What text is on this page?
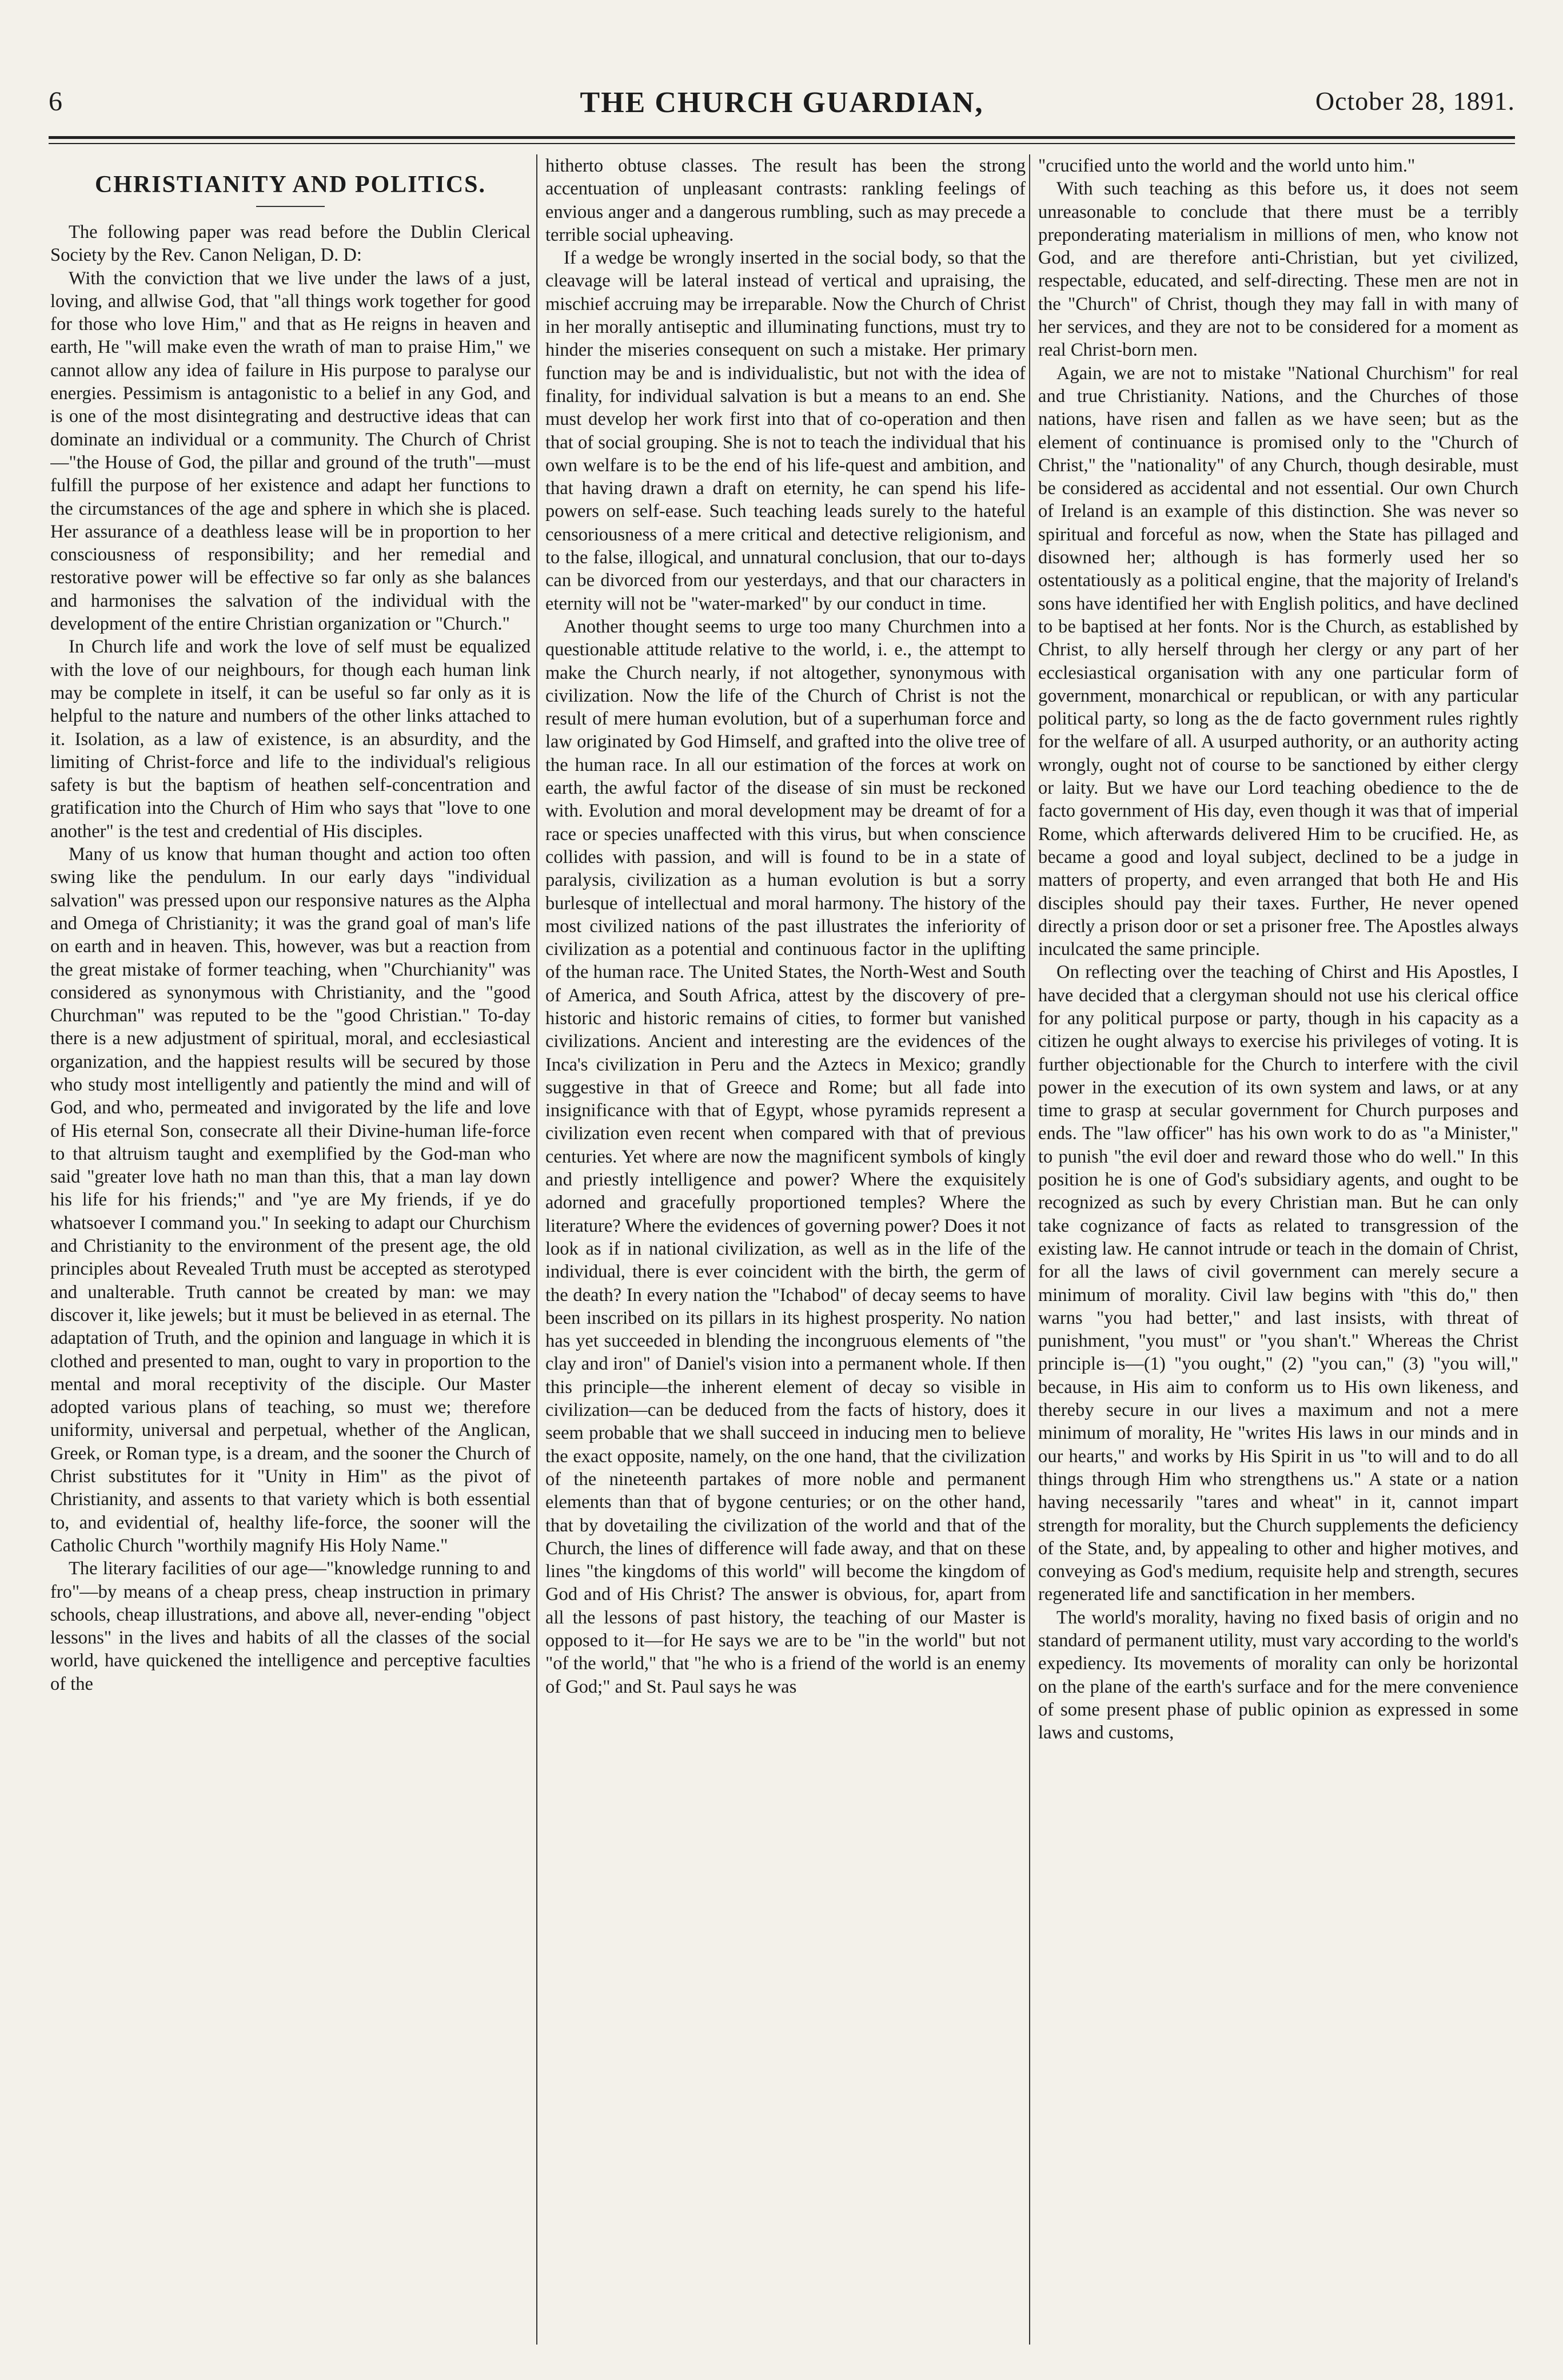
6	THE CHURCH GUARDIAN,	October 28, 1891.
CHRISTIANITY AND POLITICS.

The following paper was read before the Dublin Clerical Society by the Rev. Canon Neligan, D. D:

With the conviction that we live under the laws of a just, loving, and allwise God, that "all things work together for good for those who love Him," and that as He reigns in heaven and earth, He "will make even the wrath of man to praise Him," we cannot allow any idea of failure in His purpose to paralyse our energies. Pessimism is antagonistic to a belief in any God, and is one of the most disintegrating and destructive ideas that can dominate an individual or a community. The Church of Christ—"the House of God, the pillar and ground of the truth"—must fulfill the purpose of her existence and adapt her functions to the circumstances of the age and sphere in which she is placed. Her assurance of a deathless lease will be in proportion to her consciousness of responsibility; and her remedial and restorative power will be effective so far only as she balances and harmonises the salvation of the individual with the development of the entire Christian organization or "Church."

In Church life and work the love of self must be equalized with the love of our neighbours, for though each human link may be complete in itself, it can be useful so far only as it is helpful to the nature and numbers of the other links attached to it. Isolation, as a law of existence, is an absurdity, and the limiting of Christ-force and life to the individual's religious safety is but the baptism of heathen self-concentration and gratification into the Church of Him who says that "love to one another" is the test and credential of His disciples.

Many of us know that human thought and action too often swing like the pendulum. In our early days "individual salvation" was pressed upon our responsive natures as the Alpha and Omega of Christianity; it was the grand goal of man's life on earth and in heaven. This, however, was but a reaction from the great mistake of former teaching, when "Churchianity" was considered as synonymous with Christianity, and the "good Churchman" was reputed to be the "good Christian." To-day there is a new adjustment of spiritual, moral, and ecclesiastical organization, and the happiest results will be secured by those who study most intelligently and patiently the mind and will of God, and who, permeated and invigorated by the life and love of His eternal Son, consecrate all their Divine-human life-force to that altruism taught and exemplified by the God-man who said "greater love hath no man than this, that a man lay down his life for his friends;" and "ye are My friends, if ye do whatsoever I command you." In seeking to adapt our Churchism and Christianity to the environment of the present age, the old principles about Revealed Truth must be accepted as sterotyped and unalterable. Truth cannot be created by man: we may discover it, like jewels; but it must be believed in as eternal. The adaptation of Truth, and the opinion and language in which it is clothed and presented to man, ought to vary in proportion to the mental and moral receptivity of the disciple. Our Master adopted various plans of teaching, so must we; therefore uniformity, universal and perpetual, whether of the Anglican, Greek, or Roman type, is a dream, and the sooner the Church of Christ substitutes for it "Unity in Him" as the pivot of Christianity, and assents to that variety which is both essential to, and evidential of, healthy life-force, the sooner will the Catholic Church "worthily magnify His Holy Name."

The literary facilities of our age—"knowledge running to and fro"—by means of a cheap press, cheap instruction in primary schools, cheap illustrations, and above all, never-ending "object lessons" in the lives and habits of all the classes of the social world, have quickened the intelligence and perceptive faculties of the

hitherto obtuse classes. The result has been the strong accentuation of unpleasant contrasts: rankling feelings of envious anger and a dangerous rumbling, such as may precede a terrible social upheaving.

If a wedge be wrongly inserted in the social body, so that the cleavage will be lateral instead of vertical and upraising, the mischief accruing may be irreparable. Now the Church of Christ in her morally antiseptic and illuminating functions, must try to hinder the miseries consequent on such a mistake. Her primary function may be and is individualistic, but not with the idea of finality, for individual salvation is but a means to an end. She must develop her work first into that of co-operation and then that of social grouping. She is not to teach the individual that his own welfare is to be the end of his life-quest and ambition, and that having drawn a draft on eternity, he can spend his life-powers on self-ease. Such teaching leads surely to the hateful censoriousness of a mere critical and detective religionism, and to the false, illogical, and unnatural conclusion, that our to-days can be divorced from our yesterdays, and that our characters in eternity will not be "water-marked" by our conduct in time.

Another thought seems to urge too many Churchmen into a questionable attitude relative to the world, i. e., the attempt to make the Church nearly, if not altogether, synonymous with civilization. Now the life of the Church of Christ is not the result of mere human evolution, but of a superhuman force and law originated by God Himself, and grafted into the olive tree of the human race. In all our estimation of the forces at work on earth, the awful factor of the disease of sin must be reckoned with. Evolution and moral development may be dreamt of for a race or species unaffected with this virus, but when conscience collides with passion, and will is found to be in a state of paralysis, civilization as a human evolution is but a sorry burlesque of intellectual and moral harmony. The history of the most civilized nations of the past illustrates the inferiority of civilization as a potential and continuous factor in the uplifting of the human race. The United States, the North-West and South of America, and South Africa, attest by the discovery of pre-historic and historic remains of cities, to former but vanished civilizations. Ancient and interesting are the evidences of the Inca's civilization in Peru and the Aztecs in Mexico; grandly suggestive in that of Greece and Rome; but all fade into insignificance with that of Egypt, whose pyramids represent a civilization even recent when compared with that of previous centuries. Yet where are now the magnificent symbols of kingly and priestly intelligence and power? Where the exquisitely adorned and gracefully proportioned temples? Where the literature? Where the evidences of governing power? Does it not look as if in national civilization, as well as in the life of the individual, there is ever coincident with the birth, the germ of the death? In every nation the "Ichabod" of decay seems to have been inscribed on its pillars in its highest prosperity. No nation has yet succeeded in blending the incongruous elements of "the clay and iron" of Daniel's vision into a permanent whole. If then this principle—the inherent element of decay so visible in civilization—can be deduced from the facts of history, does it seem probable that we shall succeed in inducing men to believe the exact opposite, namely, on the one hand, that the civilization of the nineteenth partakes of more noble and permanent elements than that of bygone centuries; or on the other hand, that by dovetailing the civilization of the world and that of the Church, the lines of difference will fade away, and that on these lines "the kingdoms of this world" will become the kingdom of God and of His Christ? The answer is obvious, for, apart from all the lessons of past history, the teaching of our Master is opposed to it—for He says we are to be "in the world" but not "of the world," that "he who is a friend of the world is an enemy of God;" and St. Paul says he was

"crucified unto the world and the world unto him."

With such teaching as this before us, it does not seem unreasonable to conclude that there must be a terribly preponderating materialism in millions of men, who know not God, and are therefore anti-Christian, but yet civilized, respectable, educated, and self-directing. These men are not in the "Church" of Christ, though they may fall in with many of her services, and they are not to be considered for a moment as real Christ-born men.

Again, we are not to mistake "National Churchism" for real and true Christianity. Nations, and the Churches of those nations, have risen and fallen as we have seen; but as the element of continuance is promised only to the "Church of Christ," the "nationality" of any Church, though desirable, must be considered as accidental and not essential. Our own Church of Ireland is an example of this distinction. She was never so spiritual and forceful as now, when the State has pillaged and disowned her; although is has formerly used her so ostentatiously as a political engine, that the majority of Ireland's sons have identified her with English politics, and have declined to be baptised at her fonts. Nor is the Church, as established by Christ, to ally herself through her clergy or any part of her ecclesiastical organisation with any one particular form of government, monarchical or republican, or with any particular political party, so long as the de facto government rules rightly for the welfare of all. A usurped authority, or an authority acting wrongly, ought not of course to be sanctioned by either clergy or laity. But we have our Lord teaching obedience to the de facto government of His day, even though it was that of imperial Rome, which afterwards delivered Him to be crucified. He, as became a good and loyal subject, declined to be a judge in matters of property, and even arranged that both He and His disciples should pay their taxes. Further, He never opened directly a prison door or set a prisoner free. The Apostles always inculcated the same principle.

On reflecting over the teaching of Chirst and His Apostles, I have decided that a clergyman should not use his clerical office for any political purpose or party, though in his capacity as a citizen he ought always to exercise his privileges of voting. It is further objectionable for the Church to interfere with the civil power in the execution of its own system and laws, or at any time to grasp at secular government for Church purposes and ends. The "law officer" has his own work to do as "a Minister," to punish "the evil doer and reward those who do well." In this position he is one of God's subsidiary agents, and ought to be recognized as such by every Christian man. But he can only take cognizance of facts as related to transgression of the existing law. He cannot intrude or teach in the domain of Christ, for all the laws of civil government can merely secure a minimum of morality. Civil law begins with "this do," then warns "you had better," and last insists, with threat of punishment, "you must" or "you shan't." Whereas the Christ principle is—(1) "you ought," (2) "you can," (3) "you will," because, in His aim to conform us to His own likeness, and thereby secure in our lives a maximum and not a mere minimum of morality, He "writes His laws in our minds and in our hearts," and works by His Spirit in us "to will and to do all things through Him who strengthens us." A state or a nation having necessarily "tares and wheat" in it, cannot impart strength for morality, but the Church supplements the deficiency of the State, and, by appealing to other and higher motives, and conveying as God's medium, requisite help and strength, secures regenerated life and sanctification in her members.

The world's morality, having no fixed basis of origin and no standard of permanent utility, must vary according to the world's expediency. Its movements of morality can only be horizontal on the plane of the earth's surface and for the mere convenience of some present phase of public opinion as expressed in some laws and customs,
